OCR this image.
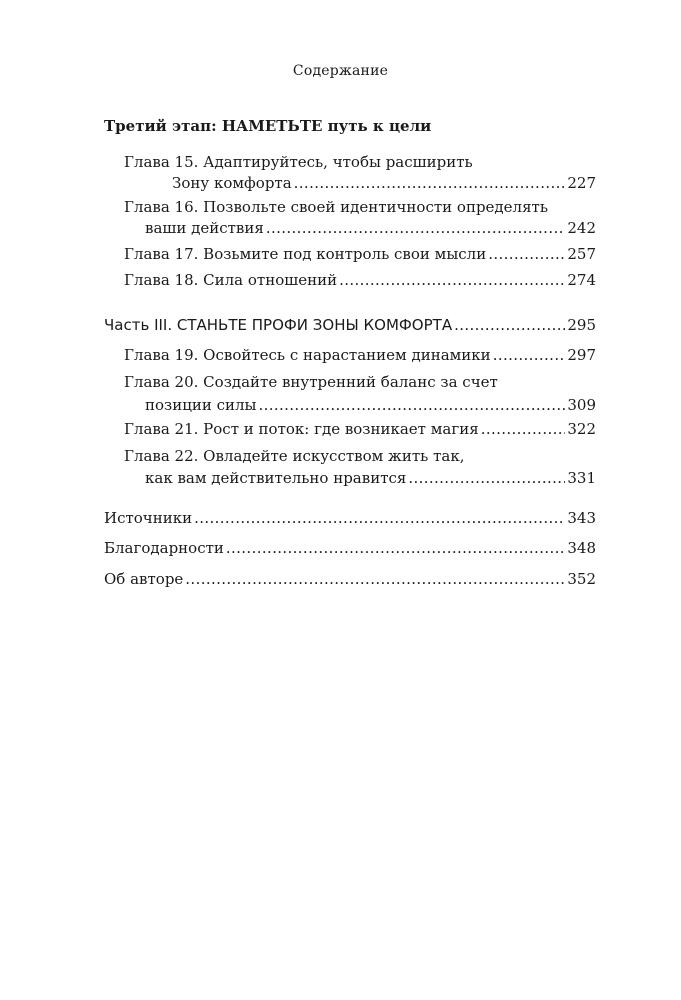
Содержание
Третий этап: НАМЕТЬТЕ путь к цели
Глава 15. Адаптируйтесь, чтобы расширить
Зону комфорта . . .	227
Глава 16. Позвольте своей идентичности определять
ваши действия . . .	242
Глава 17. Возьмите под контроль свои мысли . . .	257
Глава 18. Сила отношений . . .	274
Часть III. СТАНЬТЕ ПРОФИ ЗОНЫ КОМФОРТА . . .	295
Глава 19. Освойтесь с нарастанием динамики . . .	297
Глава 20. Создайте внутренний баланс за счет
позиции силы . . .	309
Глава 21. Рост и поток: где возникает магия . . .	322
Глава 22. Овладейте искусством жить так,
как вам действительно нравится . . .	331
Источники . . .	343
Благодарности . . .	348
Об авторе . . .	352
